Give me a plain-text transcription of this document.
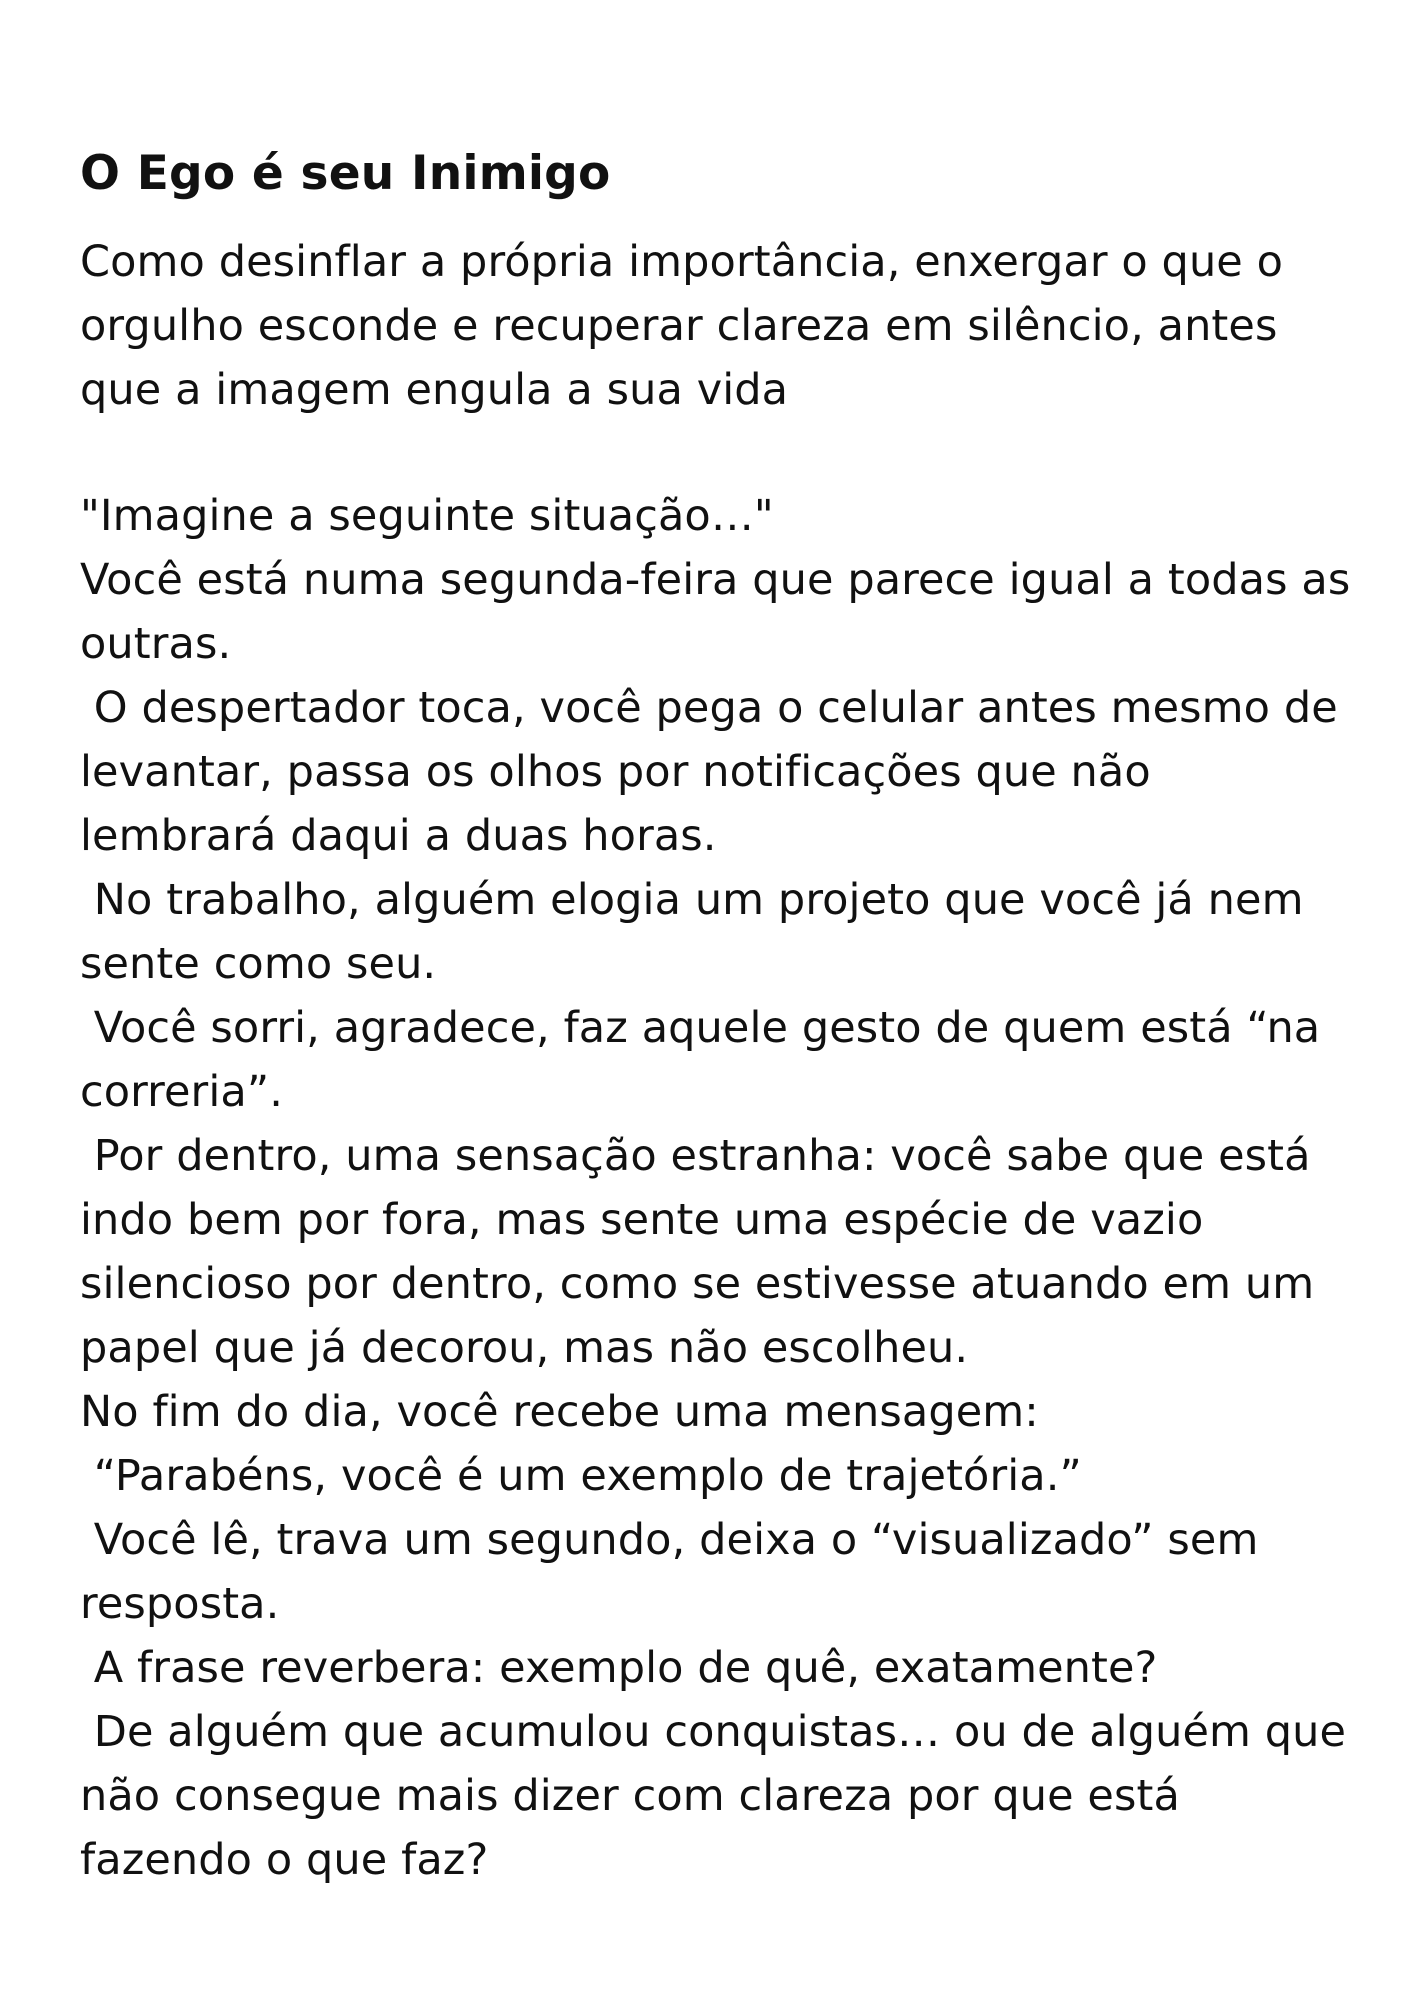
O Ego é seu Inimigo
Como desinflar a própria importância, enxergar o que o
orgulho esconde e recuperar clareza em silêncio, antes
que a imagem engula a sua vida
"Imagine a seguinte situação…"
Você está numa segunda-feira que parece igual a todas as
outras.
O despertador toca, você pega o celular antes mesmo de
levantar, passa os olhos por notificações que não
lembrará daqui a duas horas.
No trabalho, alguém elogia um projeto que você já nem
sente como seu.
Você sorri, agradece, faz aquele gesto de quem está “na
correria”.
Por dentro, uma sensação estranha: você sabe que está
indo bem por fora, mas sente uma espécie de vazio
silencioso por dentro, como se estivesse atuando em um
papel que já decorou, mas não escolheu.
No fim do dia, você recebe uma mensagem:
“Parabéns, você é um exemplo de trajetória.”
Você lê, trava um segundo, deixa o “visualizado” sem
resposta.
A frase reverbera: exemplo de quê, exatamente?
De alguém que acumulou conquistas… ou de alguém que
não consegue mais dizer com clareza por que está
fazendo o que faz?
